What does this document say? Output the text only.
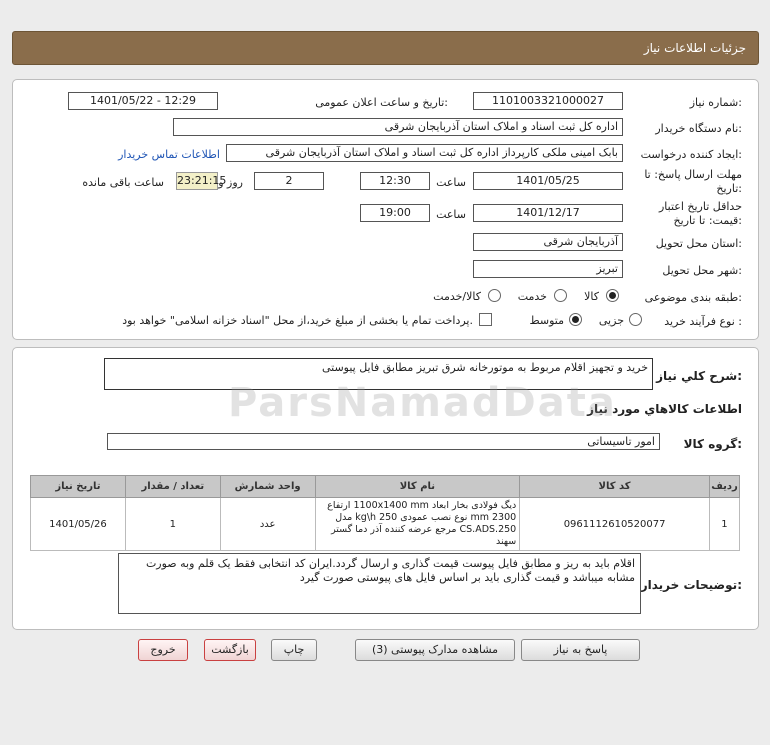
جزئیات اطلاعات نیاز
شماره نیاز:
1101003321000027
تاریخ و ساعت اعلان عمومی:
1401/05/22 - 12:29
نام دستگاه خریدار:
اداره کل ثبت اسناد و املاک استان آذربایجان شرقی
ایجاد کننده درخواست:
بابک امینی ملکی کارپرداز اداره کل ثبت اسناد و املاک استان آذربایجان شرقی
اطلاعات تماس خریدار
مهلت ارسال پاسخ: تا تاریخ:
1401/05/25
ساعت
12:30
2
روز و
23:21:15
ساعت باقی مانده
حداقل تاریخ اعتبار قیمت: تا تاریخ:
1401/12/17
ساعت
19:00
استان محل تحویل:
آذربایجان شرقی
شهر محل تحویل:
تبریز
طبقه بندی موضوعی:
کالا
خدمت
کالا/خدمت
نوع فرآیند خرید :
جزیی
متوسط
پرداخت تمام یا بخشی از مبلغ خرید،از محل "اسناد خزانه اسلامی" خواهد بود.
شرح کلي نياز:
خرید و تجهیز اقلام مربوط به موتورخانه شرق تبریز مطابق فایل پیوستی
اطلاعات کالاهاي مورد نياز
گروه کالا:
امور تاسیساتی
تاریخ نیاز	تعداد / مقدار	واحد شمارش	نام کالا	کد کالا	ردیف
1401/05/26	1	عدد	دیگ فولادی بخار ابعاد 1100x1400 mm ارتفاع 2300 mm نوع نصب عمودی 250 kg\h مدل CS.ADS.250 مرجع عرضه کننده آذر دما گستر سهند	0961112610520077	1
توضیحات خریدار:
اقلام باید به ریز و مطابق فایل پیوست قیمت گذاری و ارسال گردد.ایران کد انتخابی فقط یک قلم وبه صورت مشابه میباشد و قیمت گذاری باید بر اساس فایل های پیوستی صورت گیرد
پاسخ به نیاز
مشاهده مدارک پیوستی (3)
چاپ
بازگشت
خروج
ParsNamadData
